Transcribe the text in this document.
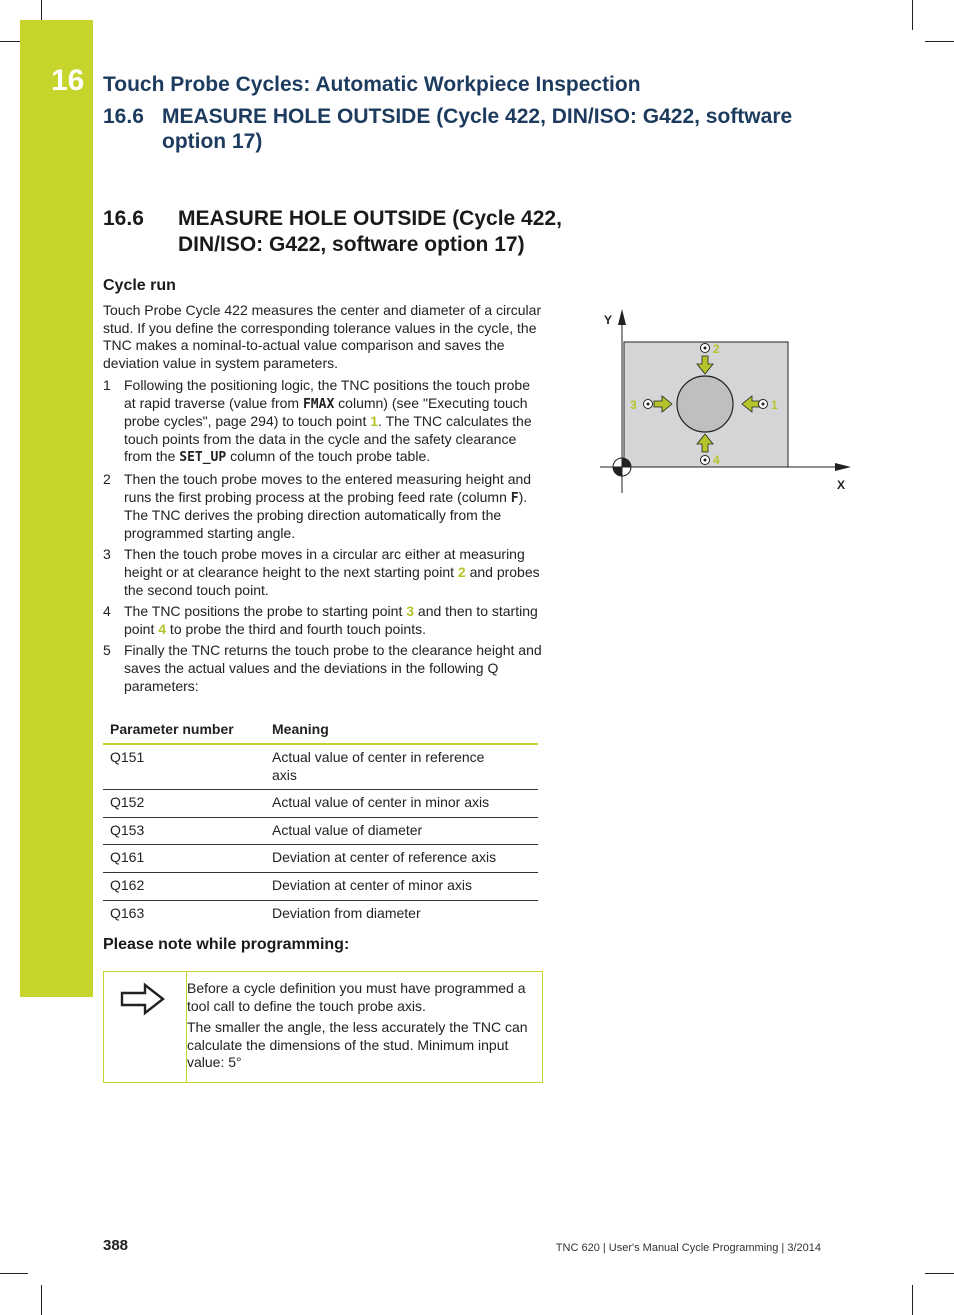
16 Touch Probe Cycles: Automatic Workpiece Inspection
16.6 MEASURE HOLE OUTSIDE (Cycle 422, DIN/ISO: G422, software option 17)
16.6 MEASURE HOLE OUTSIDE (Cycle 422, DIN/ISO: G422, software option 17)
Cycle run
Touch Probe Cycle 422 measures the center and diameter of a circular stud. If you define the corresponding tolerance values in the cycle, the TNC makes a nominal-to-actual value comparison and saves the deviation value in system parameters.
1 Following the positioning logic, the TNC positions the touch probe at rapid traverse (value from FMAX column) (see "Executing touch probe cycles", page 294) to touch point 1. The TNC calculates the touch points from the data in the cycle and the safety clearance from the SET_UP column of the touch probe table.
2 Then the touch probe moves to the entered measuring height and runs the first probing process at the probing feed rate (column F). The TNC derives the probing direction automatically from the programmed starting angle.
3 Then the touch probe moves in a circular arc either at measuring height or at clearance height to the next starting point 2 and probes the second touch point.
4 The TNC positions the probe to starting point 3 and then to starting point 4 to probe the third and fourth touch points.
5 Finally the TNC returns the touch probe to the clearance height and saves the actual values and the deviations in the following Q parameters:
Parameter number	Meaning
Q151	Actual value of center in reference axis
Q152	Actual value of center in minor axis
Q153	Actual value of diameter
Q161	Deviation at center of reference axis
Q162	Deviation at center of minor axis
Q163	Deviation from diameter
Please note while programming:
Before a cycle definition you must have programmed a tool call to define the touch probe axis.
The smaller the angle, the less accurately the TNC can calculate the dimensions of the stud. Minimum input value: 5°
Y
X
1
2
3
4
388	TNC 620 | User's Manual Cycle Programming | 3/2014
